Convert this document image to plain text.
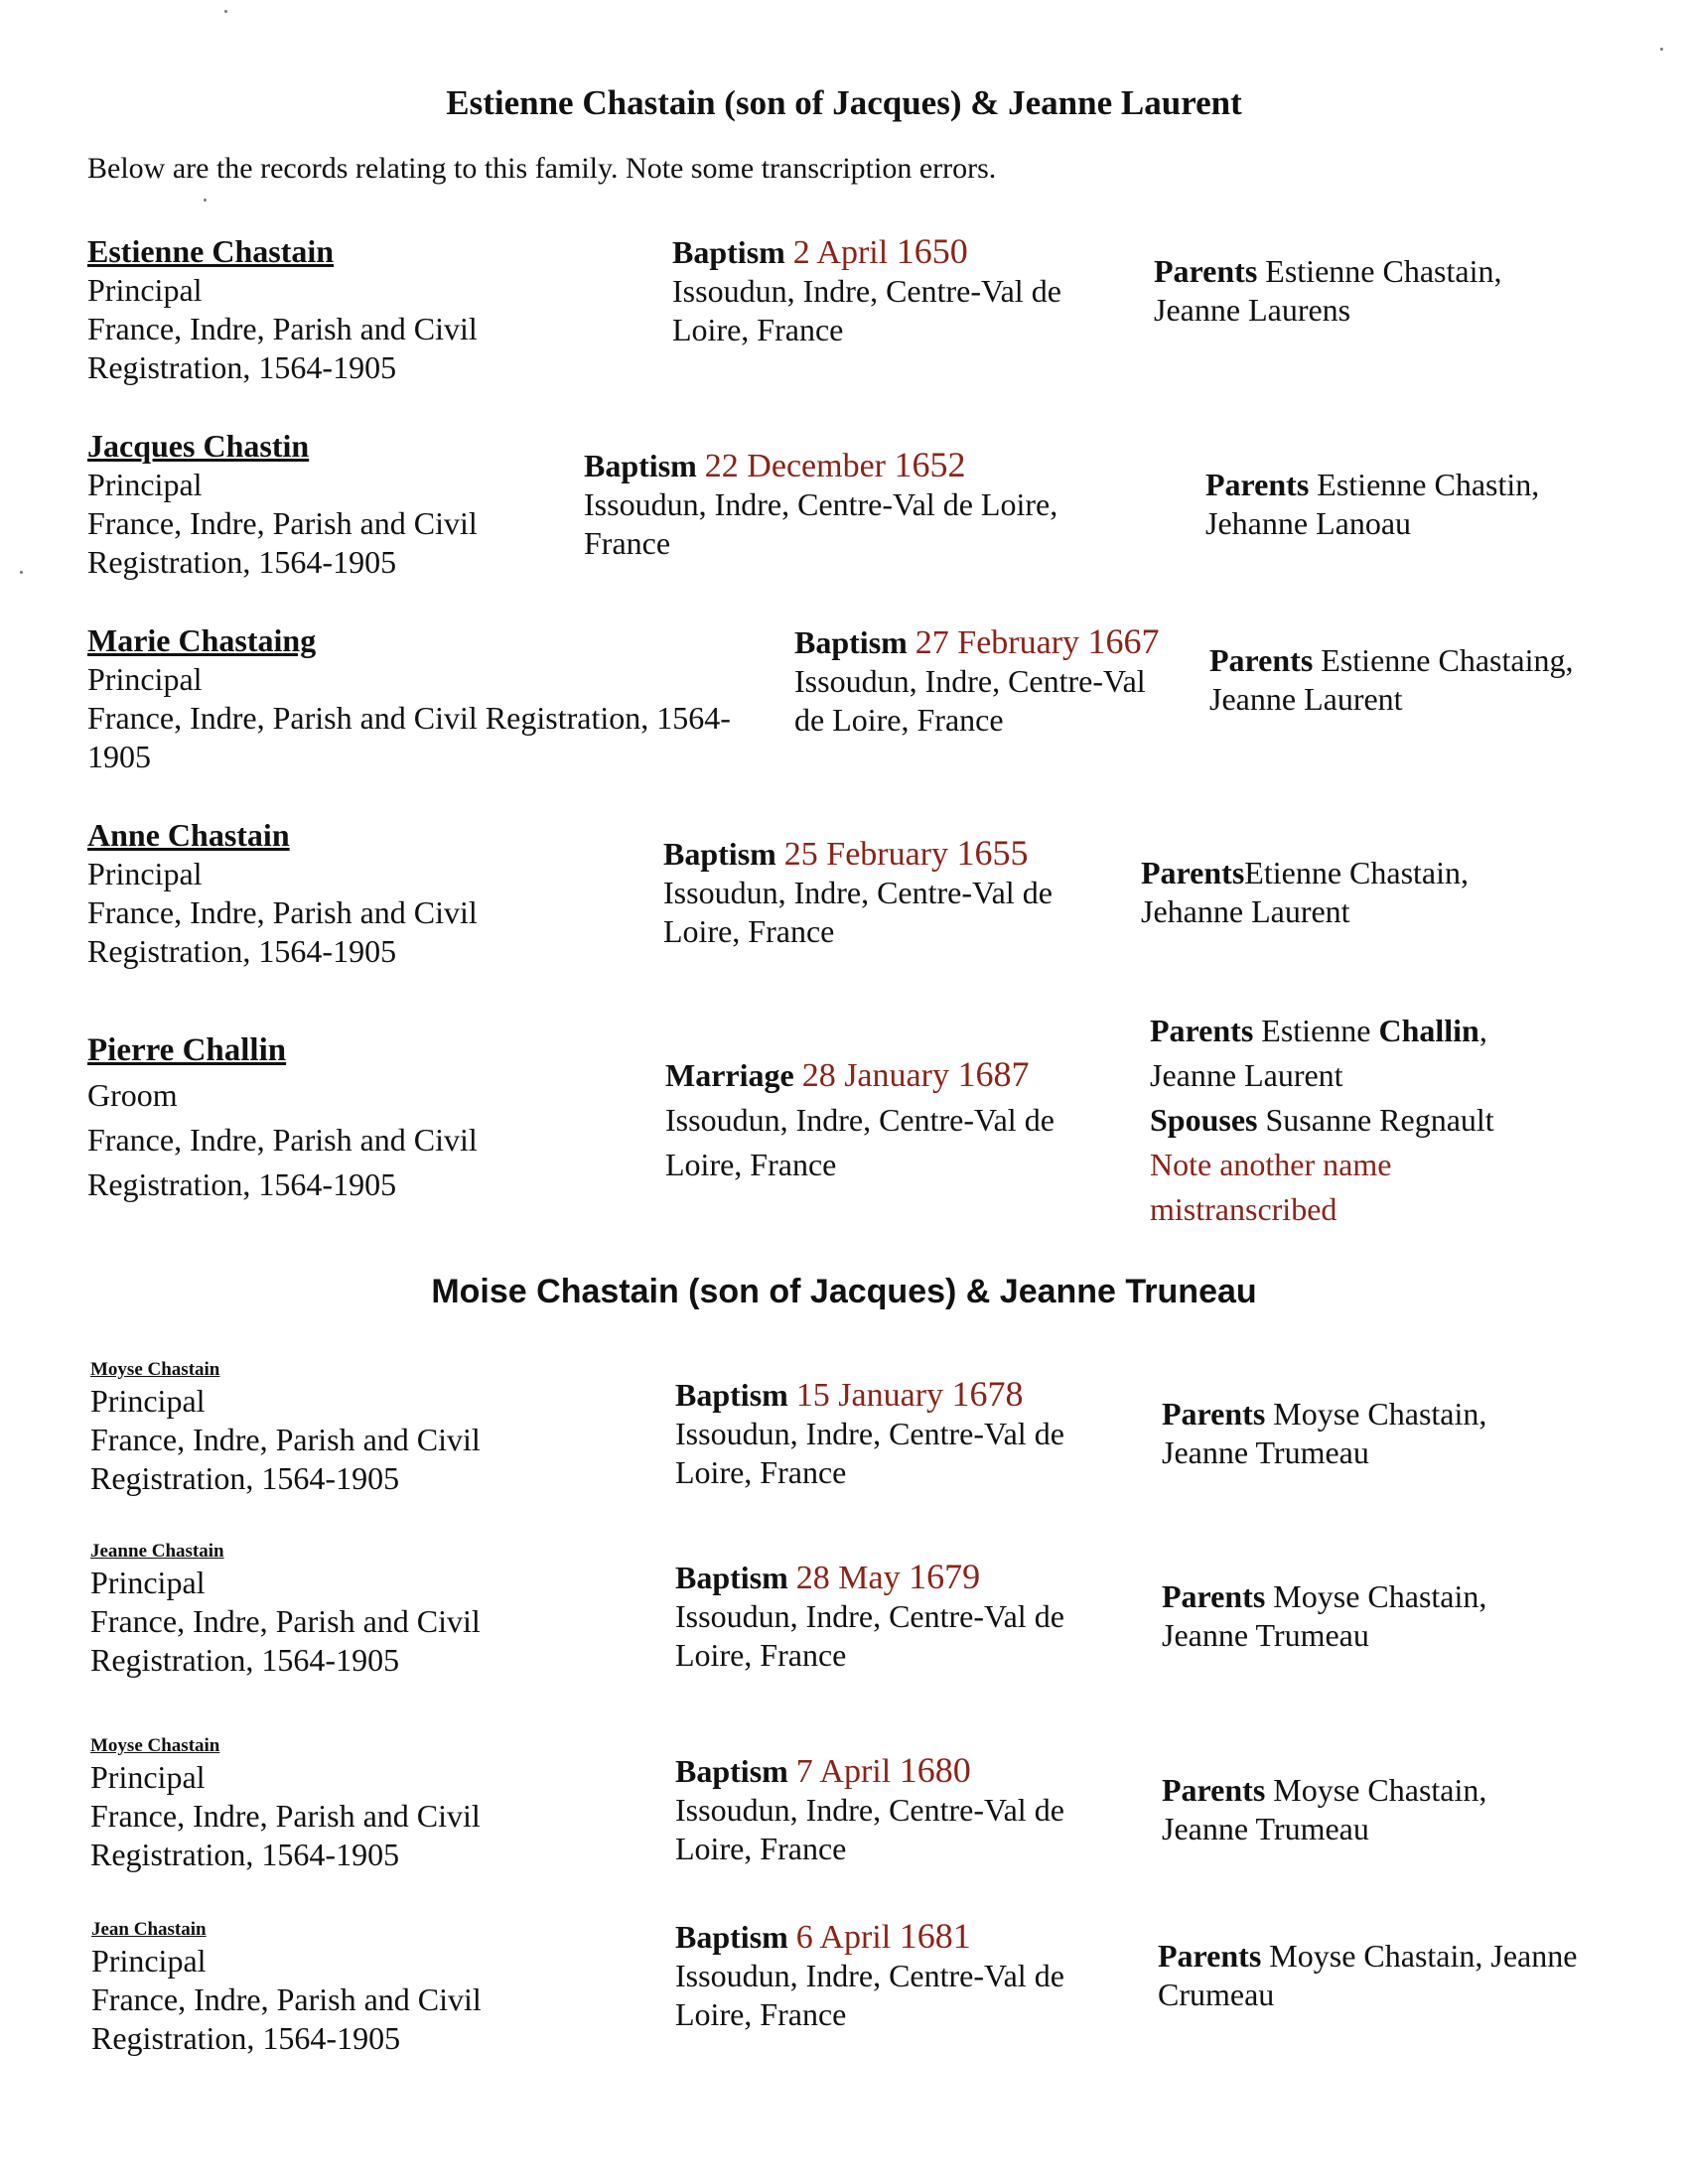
Estienne Chastain (son of Jacques) & Jeanne Laurent
Below are the records relating to this family. Note some transcription errors.
Estienne Chastain
Principal
France, Indre, Parish and Civil
Registration, 1564-1905
Baptism 2 April 1650
Issoudun, Indre, Centre-Val de
Loire, France
Parents Estienne Chastain,
Jeanne Laurens
Jacques Chastin
Principal
France, Indre, Parish and Civil
Registration, 1564-1905
Baptism 22 December 1652
Issoudun, Indre, Centre-Val de Loire,
France
Parents Estienne Chastin,
Jehanne Lanoau
Marie Chastaing
Principal
France, Indre, Parish and Civil Registration, 1564-
1905
Baptism 27 February 1667
Issoudun, Indre, Centre-Val
de Loire, France
Parents Estienne Chastaing,
Jeanne Laurent
Anne Chastain
Principal
France, Indre, Parish and Civil
Registration, 1564-1905
Baptism 25 February 1655
Issoudun, Indre, Centre-Val de
Loire, France
ParentsEtienne Chastain,
Jehanne Laurent
Pierre Challin
Groom
France, Indre, Parish and Civil
Registration, 1564-1905
Marriage 28 January 1687
Issoudun, Indre, Centre-Val de
Loire, France
Parents Estienne Challin,
Jeanne Laurent
Spouses Susanne Regnault
Note another name
mistranscribed
Moise Chastain (son of Jacques) & Jeanne Truneau
Moyse Chastain
Principal
France, Indre, Parish and Civil
Registration, 1564-1905
Baptism 15 January 1678
Issoudun, Indre, Centre-Val de
Loire, France
Parents Moyse Chastain,
Jeanne Trumeau
Jeanne Chastain
Principal
France, Indre, Parish and Civil
Registration, 1564-1905
Baptism 28 May 1679
Issoudun, Indre, Centre-Val de
Loire, France
Parents Moyse Chastain,
Jeanne Trumeau
Moyse Chastain
Principal
France, Indre, Parish and Civil
Registration, 1564-1905
Baptism 7 April 1680
Issoudun, Indre, Centre-Val de
Loire, France
Parents Moyse Chastain,
Jeanne Trumeau
Jean Chastain
Principal
France, Indre, Parish and Civil
Registration, 1564-1905
Baptism 6 April 1681
Issoudun, Indre, Centre-Val de
Loire, France
Parents Moyse Chastain, Jeanne
Crumeau
